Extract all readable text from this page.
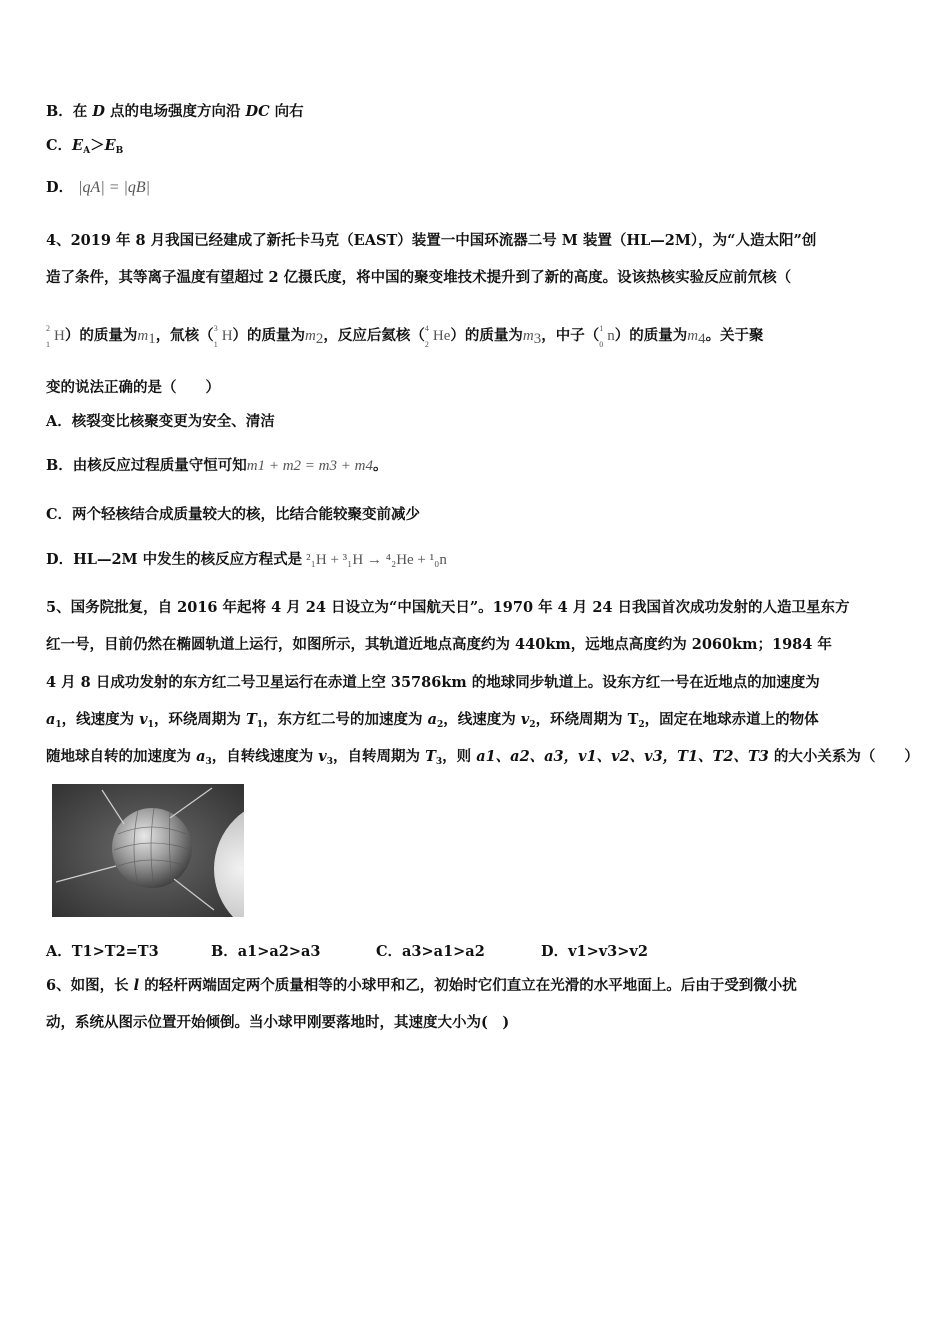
B．在 D 点的电场强度方向沿 DC 向右
C．$E_A>E_B$
D． |qA| = |qB|
4、2019 年 8 月我国已经建成了新托卡马克（EAST）装置一中国环流器二号 M 装置（HL—2M），为“人造太阳”创
造了条件，其等离子温度有望超过 2 亿摄氏度，将中国的聚变堆技术提升到了新的高度。设该热核实验反应前氘核（
2
1
H）的质量为$m_1$，氚核（ 3
1
H）的质量为$m_2$，反应后氦核（ 4
2
He）的质量为$m_3$，中子（ 1
0
n）的质量为$m_4$。关于聚
变的说法正确的是（　　）
A．核裂变比核聚变更为安全、清洁
B．由核反应过程质量守恒可知m1 + m2 = m3 + m4。
C．两个轻核结合成质量较大的核，比结合能较聚变前减少
D．HL—2M 中发生的核反应方程式是 ²₁H + ³₁H → ⁴₂He + ¹₀n
5、国务院批复，自 2016 年起将 4 月 24 日设立为“中国航天日”。1970 年 4 月 24 日我国首次成功发射的人造卫星东方
红一号，目前仍然在椭圆轨道上运行，如图所示，其轨道近地点高度约为 440km，远地点高度约为 2060km；1984 年
4 月 8 日成功发射的东方红二号卫星运行在赤道上空 35786km 的地球同步轨道上。设东方红一号在近地点的加速度为
$a_1$，线速度为 $v_1$，环绕周期为 $T_1$，东方红二号的加速度为 $a_2$，线速度为 $v_2$，环绕周期为 $T_2$，固定在地球赤道上的物体
随地球自转的加速度为 $a_3$，自转线速度为 $v_3$，自转周期为 $T_3$，则 a1、a2、a3，v1、v2、v3，T1、T2、T3 的大小关系为（　　）
A．T1>T2=T3	B．a1>a2>a3	C．a3>a1>a2	D．v1>v3>v2
6、如图，长 l 的轻杆两端固定两个质量相等的小球甲和乙，初始时它们直立在光滑的水平地面上。后由于受到微小扰
动，系统从图示位置开始倾倒。当小球甲刚要落地时，其速度大小为(　)
